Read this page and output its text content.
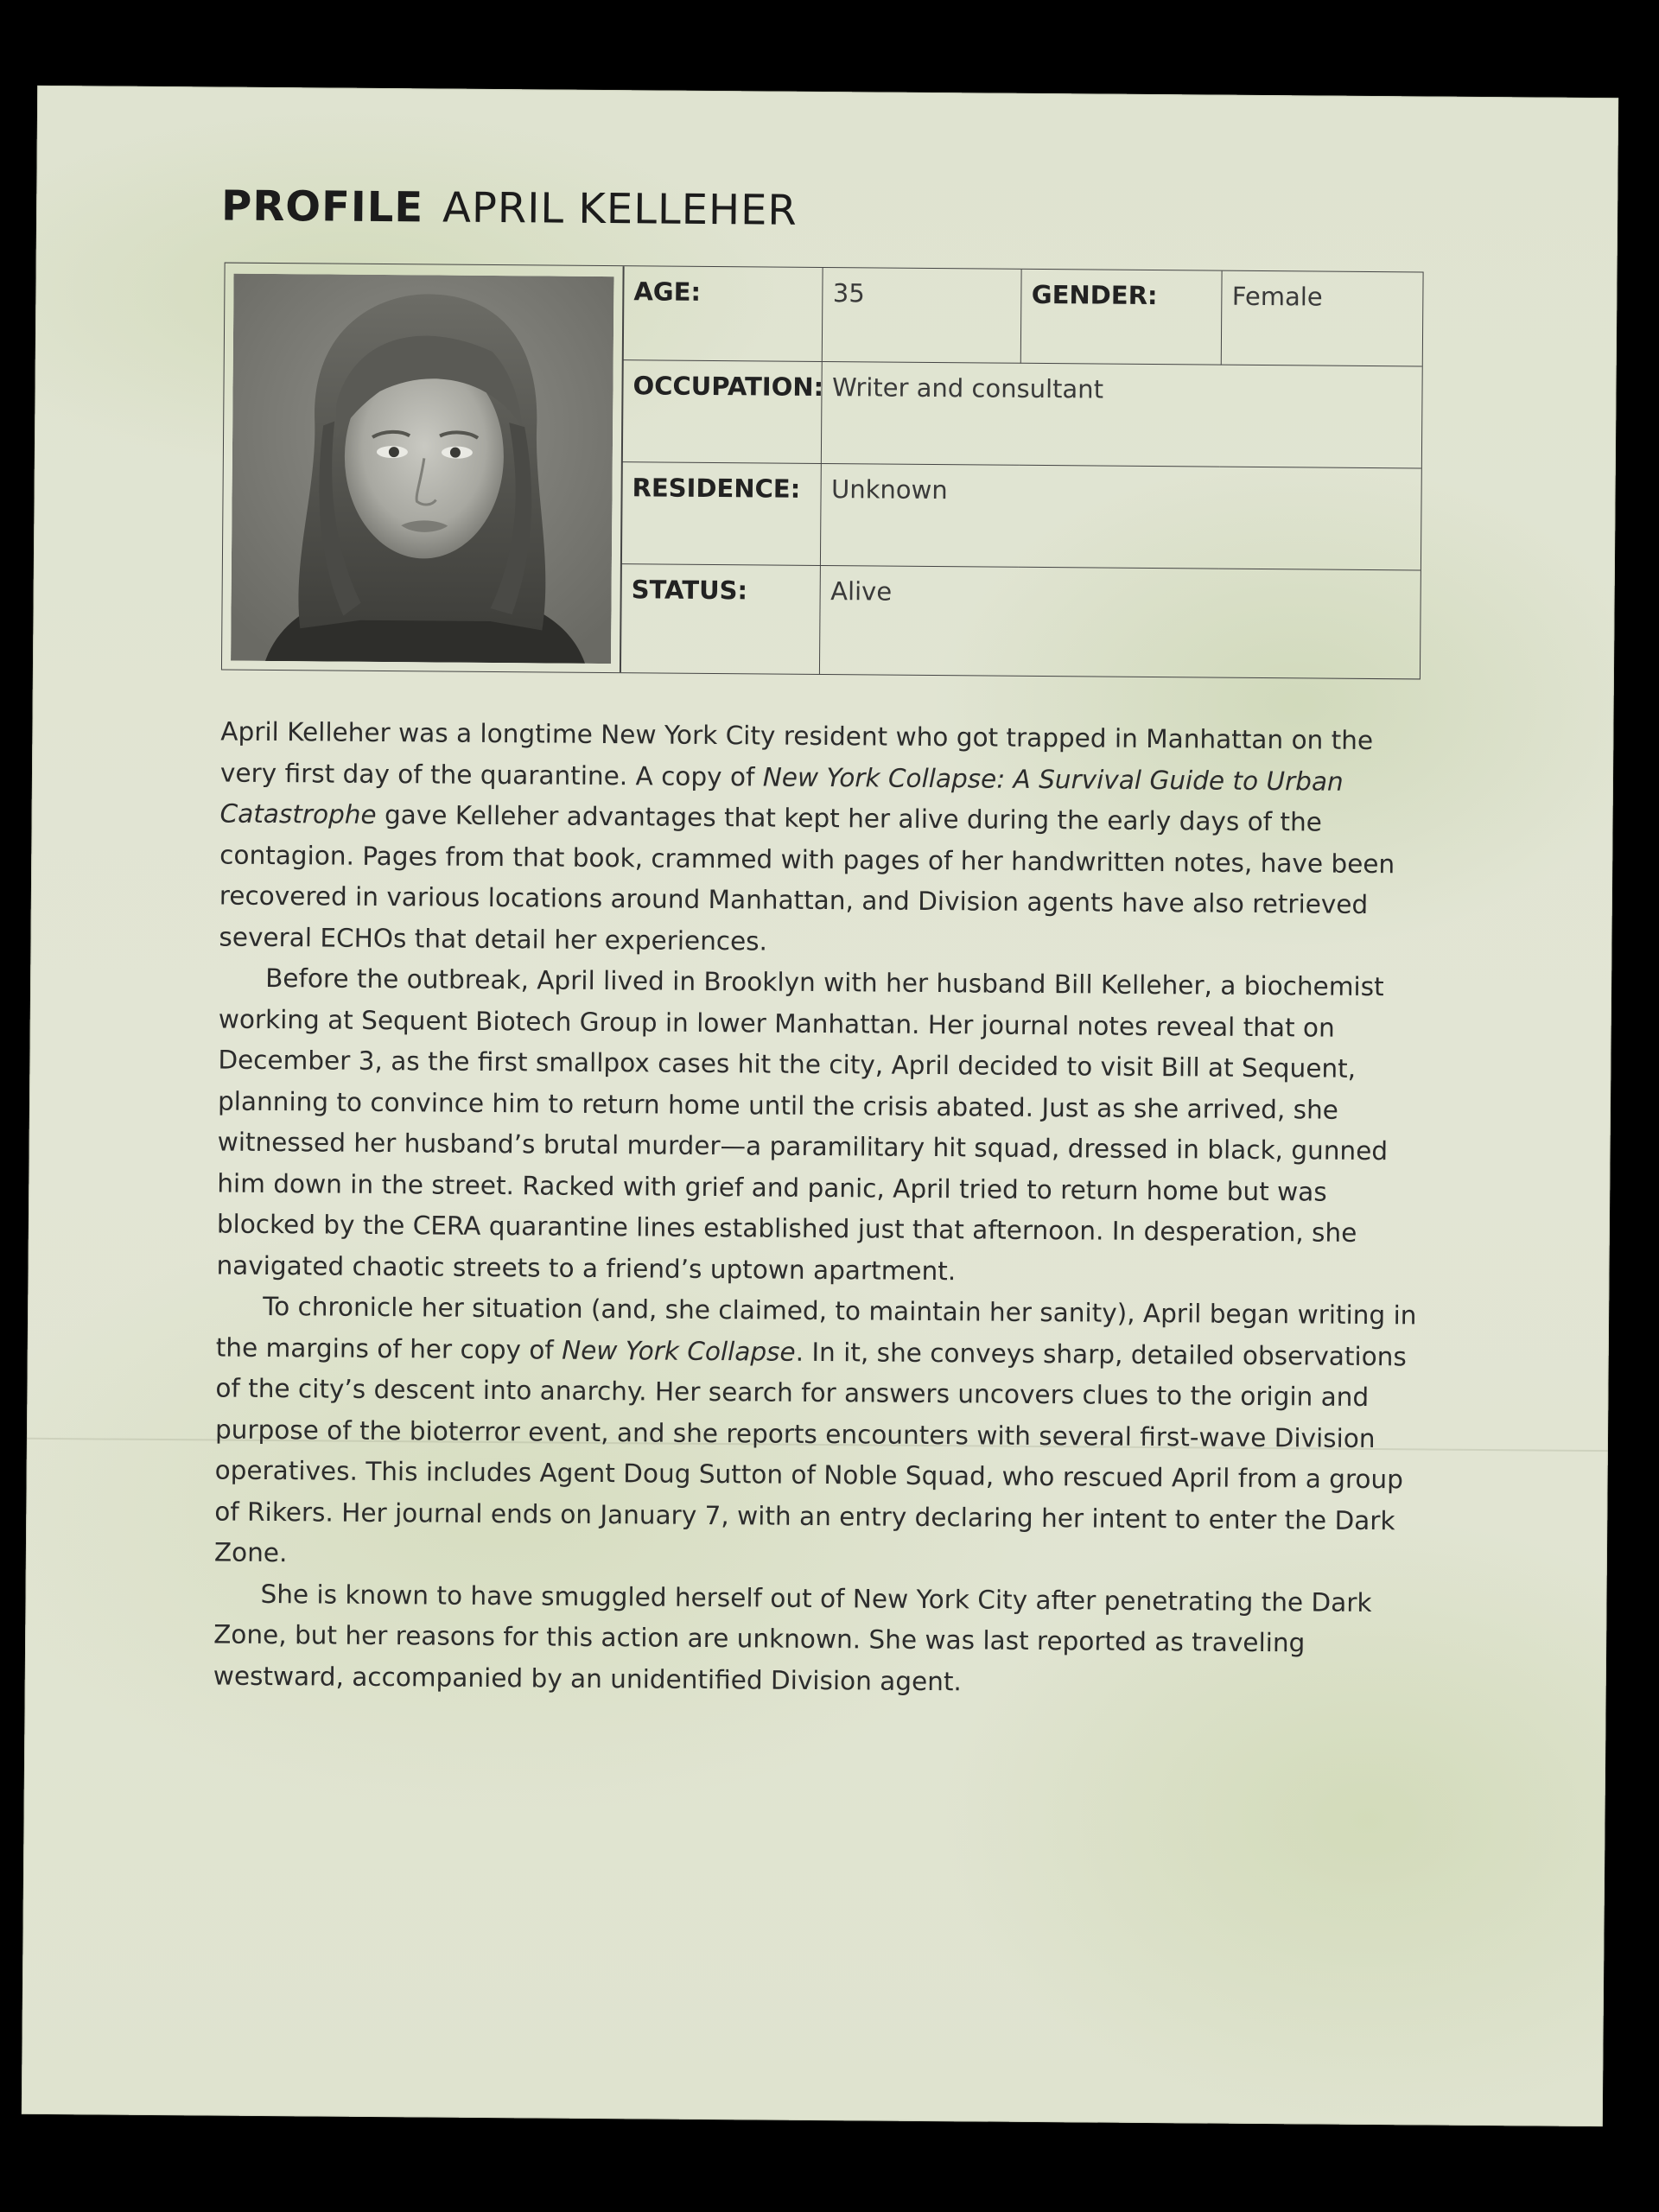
PROFILE APRIL KELLEHER
AGE:	35	GENDER:	Female
OCCUPATION:	Writer and consultant		
RESIDENCE:	Unknown		
STATUS:	Alive		

April Kelleher was a longtime New York City resident who got trapped in Manhattan on the very first day of the quarantine. A copy of New York Collapse: A Survival Guide to Urban Catastrophe gave Kelleher advantages that kept her alive during the early days of the contagion. Pages from that book, crammed with pages of her handwritten notes, have been recovered in various locations around Manhattan, and Division agents have also retrieved several ECHOs that detail her experiences.

Before the outbreak, April lived in Brooklyn with her husband Bill Kelleher, a biochemist working at Sequent Biotech Group in lower Manhattan. Her journal notes reveal that on December 3, as the first smallpox cases hit the city, April decided to visit Bill at Sequent, planning to convince him to return home until the crisis abated. Just as she arrived, she witnessed her husband’s brutal murder—a paramilitary hit squad, dressed in black, gunned him down in the street. Racked with grief and panic, April tried to return home but was blocked by the CERA quarantine lines established just that afternoon. In desperation, she navigated chaotic streets to a friend’s uptown apartment.

To chronicle her situation (and, she claimed, to maintain her sanity), April began writing in the margins of her copy of New York Collapse. In it, she conveys sharp, detailed observations of the city’s descent into anarchy. Her search for answers uncovers clues to the origin and purpose of the bioterror event, and she reports encounters with several first-wave Division operatives. This includes Agent Doug Sutton of Noble Squad, who rescued April from a group of Rikers. Her journal ends on January 7, with an entry declaring her intent to enter the Dark Zone.

She is known to have smuggled herself out of New York City after penetrating the Dark Zone, but her reasons for this action are unknown. She was last reported as traveling westward, accompanied by an unidentified Division agent.
